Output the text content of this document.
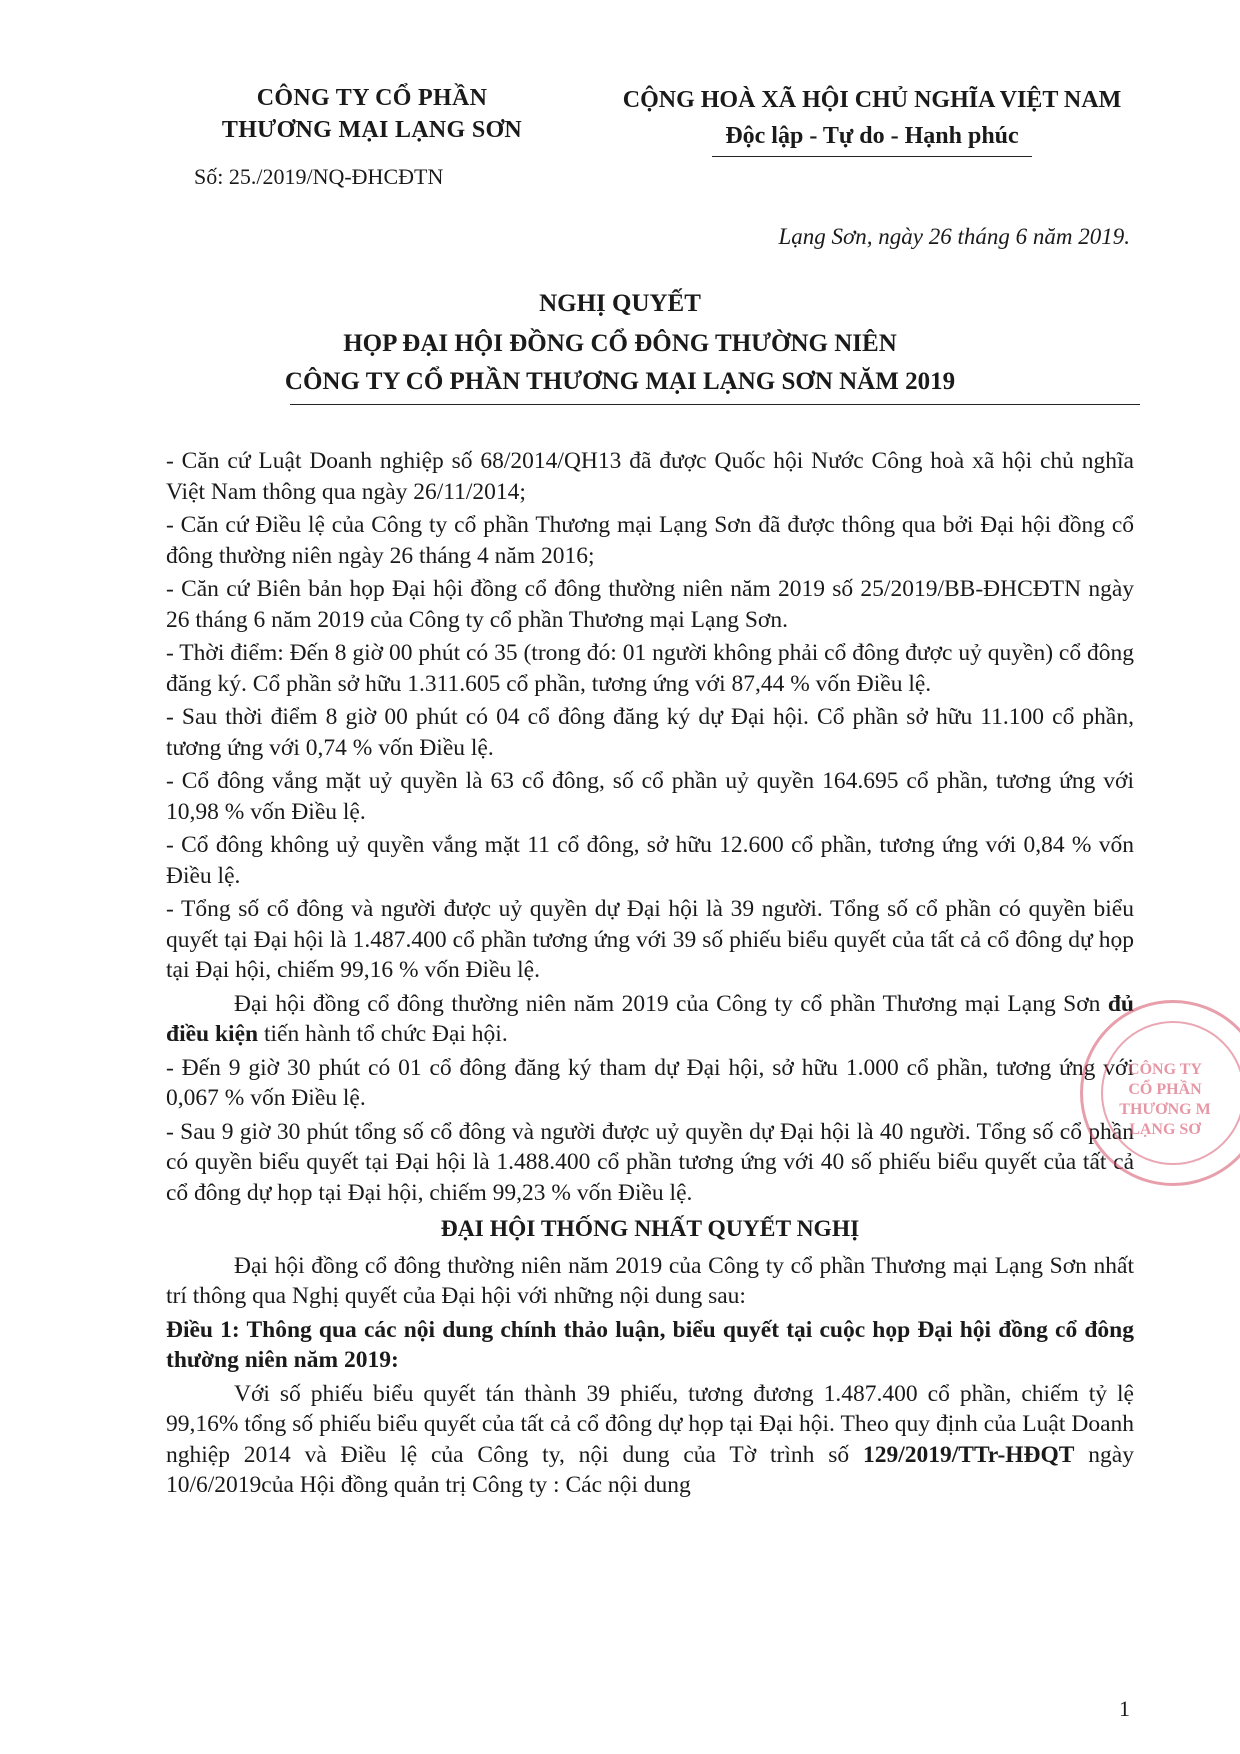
CÔNG TY CỔ PHẦN
THƯƠNG MẠI LẠNG SƠN
Số: 25./2019/NQ-ĐHCĐTN
CỘNG HOÀ XÃ HỘI CHỦ NGHĨA VIỆT NAM
Độc lập - Tự do - Hạnh phúc
Lạng Sơn, ngày 26 tháng 6 năm 2019.
NGHỊ QUYẾT
HỌP ĐẠI HỘI ĐỒNG CỔ ĐÔNG THƯỜNG NIÊN
CÔNG TY CỔ PHẦN THƯƠNG MẠI LẠNG SƠN NĂM 2019

- Căn cứ Luật Doanh nghiệp số 68/2014/QH13 đã được Quốc hội Nước Công hoà xã hội chủ nghĩa Việt Nam thông qua ngày 26/11/2014;

- Căn cứ Điều lệ của Công ty cổ phần Thương mại Lạng Sơn đã được thông qua bởi Đại hội đồng cổ đông thường niên ngày 26 tháng 4 năm 2016;

- Căn cứ Biên bản họp Đại hội đồng cổ đông thường niên năm 2019 số 25/2019/BB-ĐHCĐTN ngày 26 tháng 6 năm 2019 của Công ty cổ phần Thương mại Lạng Sơn.

- Thời điểm: Đến 8 giờ 00 phút có 35 (trong đó: 01 người không phải cổ đông được uỷ quyền) cổ đông đăng ký. Cổ phần sở hữu 1.311.605 cổ phần, tương ứng với 87,44 % vốn Điều lệ.

- Sau thời điểm 8 giờ 00 phút có 04 cổ đông đăng ký dự Đại hội. Cổ phần sở hữu 11.100 cổ phần, tương ứng với 0,74 % vốn Điều lệ.

- Cổ đông vắng mặt uỷ quyền là 63 cổ đông, số cổ phần uỷ quyền 164.695 cổ phần, tương ứng với 10,98 % vốn Điều lệ.

- Cổ đông không uỷ quyền vắng mặt 11 cổ đông, sở hữu 12.600 cổ phần, tương ứng với 0,84 % vốn Điều lệ.

- Tổng số cổ đông và người được uỷ quyền dự Đại hội là 39 người. Tổng số cổ phần có quyền biểu quyết tại Đại hội là 1.487.400 cổ phần tương ứng với 39 số phiếu biểu quyết của tất cả cổ đông dự họp tại Đại hội, chiếm 99,16 % vốn Điều lệ.

Đại hội đồng cổ đông thường niên năm 2019 của Công ty cổ phần Thương mại Lạng Sơn đủ điều kiện tiến hành tổ chức Đại hội.

- Đến 9 giờ 30 phút có 01 cổ đông đăng ký tham dự Đại hội, sở hữu 1.000 cổ phần, tương ứng với 0,067 % vốn Điều lệ.

- Sau 9 giờ 30 phút tổng số cổ đông và người được uỷ quyền dự Đại hội là 40 người. Tổng số cổ phần có quyền biểu quyết tại Đại hội là 1.488.400 cổ phần tương ứng với 40 số phiếu biểu quyết của tất cả cổ đông dự họp tại Đại hội, chiếm 99,23 % vốn Điều lệ.

ĐẠI HỘI THỐNG NHẤT QUYẾT NGHỊ

Đại hội đồng cổ đông thường niên năm 2019 của Công ty cổ phần Thương mại Lạng Sơn nhất trí thông qua Nghị quyết của Đại hội với những nội dung sau:

Điều 1: Thông qua các nội dung chính thảo luận, biểu quyết tại cuộc họp Đại hội đồng cổ đông thường niên năm 2019:

Với số phiếu biểu quyết tán thành 39 phiếu, tương đương 1.487.400 cổ phần, chiếm tỷ lệ 99,16% tổng số phiếu biểu quyết của tất cả cổ đông dự họp tại Đại hội. Theo quy định của Luật Doanh nghiệp 2014 và Điều lệ của Công ty, nội dung của Tờ trình số 129/2019/TTr-HĐQT ngày 10/6/2019của Hội đồng quản trị Công ty : Các nội dung

CÔNG TY
CỔ PHẦN
THƯƠNG M
LẠNG SƠ
1
